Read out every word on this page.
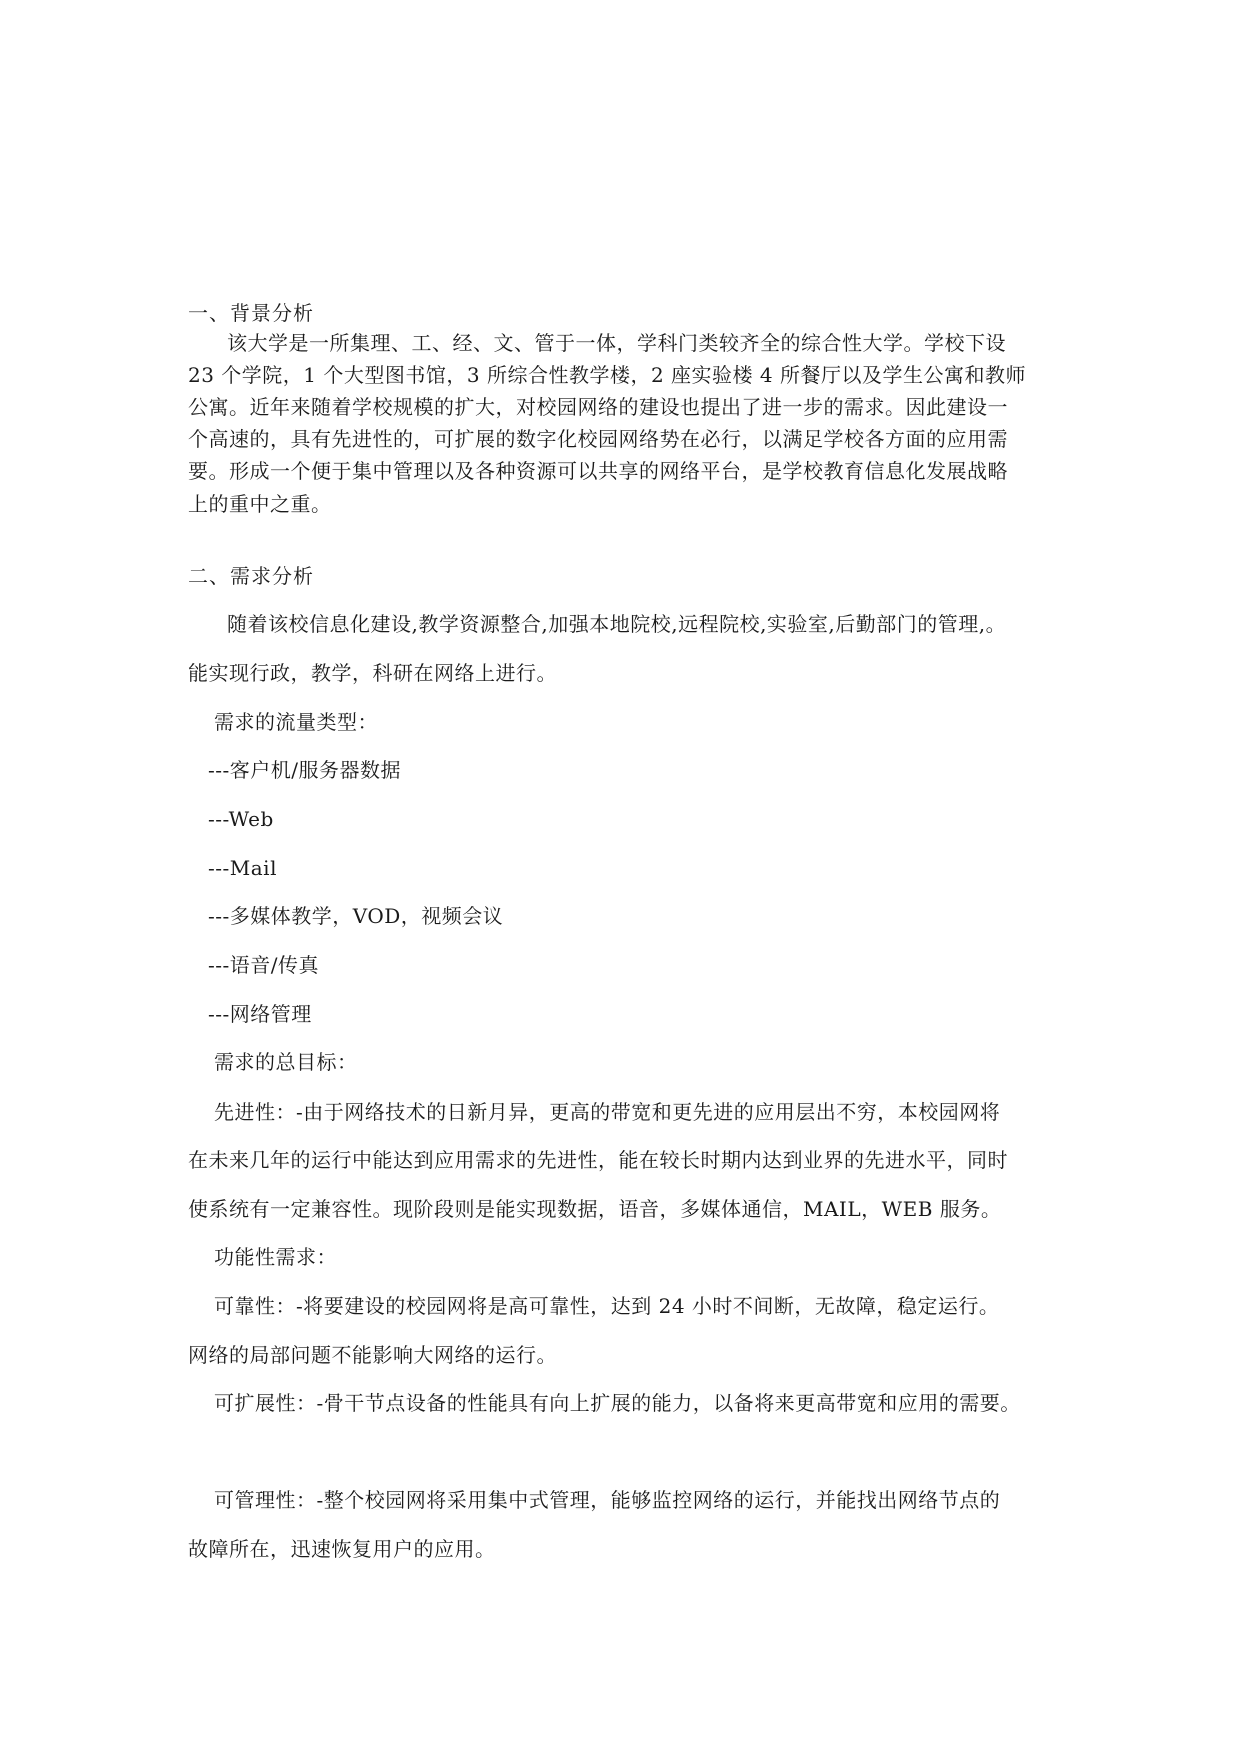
一、背景分析
该大学是一所集理、工、经、文、管于一体，学科门类较齐全的综合性大学。学校下设
23 个学院，1 个大型图书馆，3 所综合性教学楼，2 座实验楼 4 所餐厅以及学生公寓和教师
公寓。近年来随着学校规模的扩大，对校园网络的建设也提出了进一步的需求。因此建设一
个高速的，具有先进性的，可扩展的数字化校园网络势在必行，以满足学校各方面的应用需
要。形成一个便于集中管理以及各种资源可以共享的网络平台，是学校教育信息化发展战略
上的重中之重。
二、需求分析
随着该校信息化建设,教学资源整合,加强本地院校,远程院校,实验室,后勤部门的管理,。
能实现行政，教学，科研在网络上进行。
需求的流量类型：
---客户机/服务器数据
---Web
---Mail
---多媒体教学，VOD，视频会议
---语音/传真
---网络管理
需求的总目标：
先进性：-由于网络技术的日新月异，更高的带宽和更先进的应用层出不穷，本校园网将
在未来几年的运行中能达到应用需求的先进性，能在较长时期内达到业界的先进水平，同时
使系统有一定兼容性。现阶段则是能实现数据，语音，多媒体通信，MAIL，WEB 服务。
功能性需求：
可靠性：-将要建设的校园网将是高可靠性，达到 24 小时不间断，无故障，稳定运行。
网络的局部问题不能影响大网络的运行。
可扩展性：-骨干节点设备的性能具有向上扩展的能力，以备将来更高带宽和应用的需要。
可管理性：-整个校园网将采用集中式管理，能够监控网络的运行，并能找出网络节点的
故障所在，迅速恢复用户的应用。
